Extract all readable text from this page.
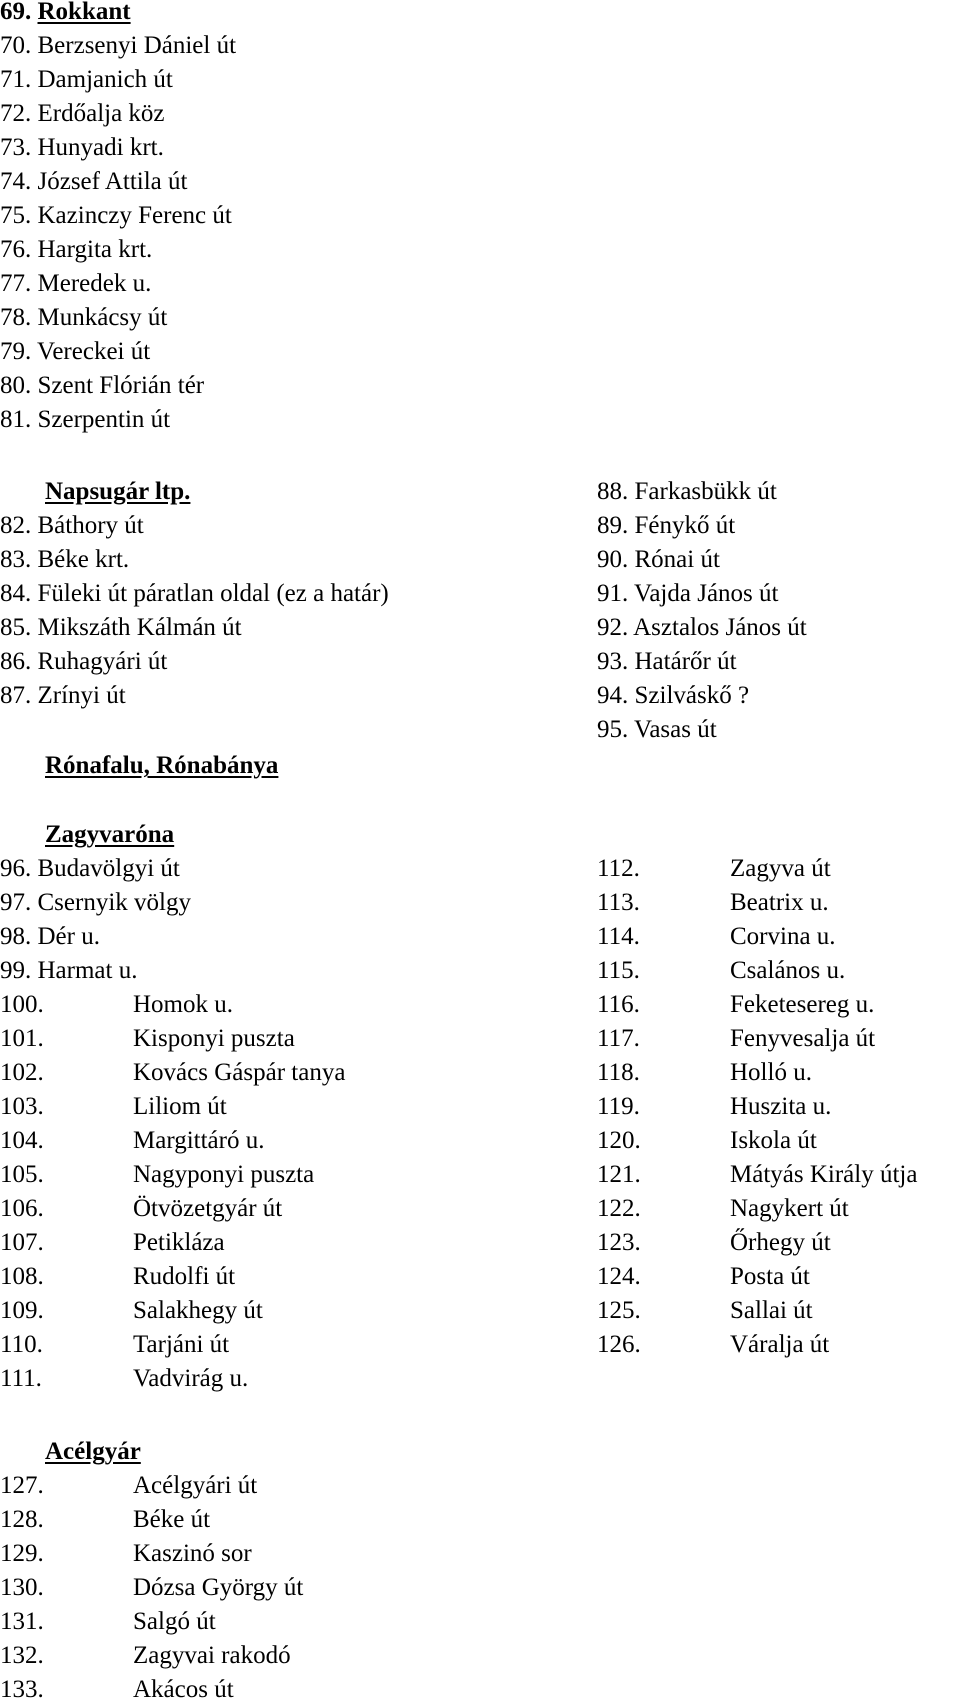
69. Rokkant
70. Berzsenyi Dániel út
71. Damjanich út
72. Erdőalja köz
73. Hunyadi krt.
74. József Attila út
75. Kazinczy Ferenc út
76. Hargita krt.
77. Meredek u.
78. Munkácsy út
79. Vereckei út
80. Szent Flórián tér
81. Szerpentin út
Napsugár ltp.
82. Báthory út
83. Béke krt.
84. Füleki út páratlan oldal (ez a határ)
85. Mikszáth Kálmán út
86. Ruhagyári út
87. Zrínyi út
88. Farkasbükk út
89. Fénykő út
90. Rónai út
91. Vajda János út
92. Asztalos János út
93. Határőr út
94. Szilváskő ?
95. Vasas út
Rónafalu, Rónabánya
Zagyvaróna
96. Budavölgyi út
97. Csernyik völgy
98. Dér u.
99. Harmat u.
100.	Homok u.
101.	Kisponyi puszta
102.	Kovács Gáspár tanya
103.	Liliom út
104.	Margittáró u.
105.	Nagyponyi puszta
106.	Ötvözetgyár út
107.	Petikláza
108.	Rudolfi út
109.	Salakhegy út
110.	Tarjáni út
111.	Vadvirág u.
112.	Zagyva út
113.	Beatrix u.
114.	Corvina u.
115.	Csalános u.
116.	Feketesereg u.
117.	Fenyvesalja út
118.	Holló u.
119.	Huszita u.
120.	Iskola út
121.	Mátyás Király útja
122.	Nagykert út
123.	Őrhegy út
124.	Posta út
125.	Sallai út
126.	Váralja út
Acélgyár
127.	Acélgyári út
128.	Béke út
129.	Kaszinó sor
130.	Dózsa György út
131.	Salgó út
132.	Zagyvai rakodó
133.	Akácos út
